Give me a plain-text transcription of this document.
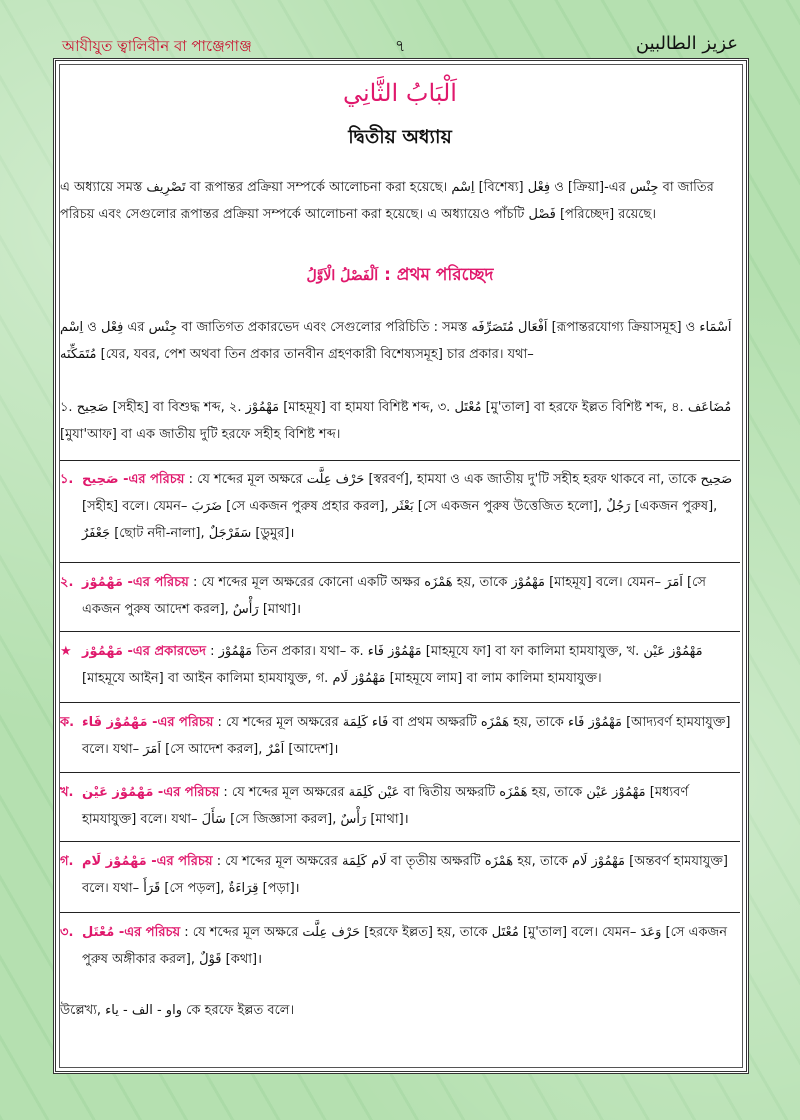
আযীযুত ত্বালিবীন বা পাঞ্জেগাঞ্জ	৭	عزيز الطالبين
اَلْبَابُ الثَّانِي
দ্বিতীয় অধ্যায়
এ অধ্যায়ে সমস্ত تَصْرِيف বা রূপান্তর প্রক্রিয়া সম্পর্কে আলোচনা করা হয়েছে। اِسْم [বিশেষ্য] فِعْل ও [ক্রিয়া]-এর جِنْس বা জাতির পরিচয় এবং সেগুলোর রূপান্তর প্রক্রিয়া সম্পর্কে আলোচনা করা হয়েছে। এ অধ্যায়েও পাঁচটি فَصْل [পরিচ্ছেদ] রয়েছে।
اَلْفَصْلُ الْاَوَّلُ : প্রথম পরিচ্ছেদ
اِسْم ও فِعْل এর جِنْس বা জাতিগত প্রকারভেদ এবং সেগুলোর পরিচিতি : সমস্ত اَفْعَال مُتَصَرِّفَه [রূপান্তরযোগ্য ক্রিয়াসমূহ] ও اَسْمَاء مُتَمَكِّنَه [যের, যবর, পেশ অথবা তিন প্রকার তানবীন গ্রহণকারী বিশেষ্যসমূহ] চার প্রকার। যথা–
১. صَحِيح [সহীহ] বা বিশুদ্ধ শব্দ, ২. مَهْمُوْز [মাহমূয] বা হামযা বিশিষ্ট শব্দ, ৩. مُعْتَل [মু'তাল] বা হরফে ইল্লত বিশিষ্ট শব্দ, ৪. مُضَاعَف [মুযা'আফ] বা এক জাতীয় দুটি হরফে সহীহ বিশিষ্ট শব্দ।
১. صَحِيح -এর পরিচয় : যে শব্দের মূল অক্ষরে حَرْف عِلَّت [স্বরবর্ণ], হামযা ও এক জাতীয় দু'টি সহীহ হরফ থাকবে না, তাকে صَحِيح [সহীহ] বলে। যেমন– ضَرَبَ [সে একজন পুরুষ প্রহার করল], بَعْثَر [সে একজন পুরুষ উত্তেজিত হলো], رَجُلٌ [একজন পুরুষ], جَعْفَرٌ [ছোট নদী-নালা], سَفَرْجَلٌ [ডুমুর]।
২. مَهْمُوْز -এর পরিচয় : যে শব্দের মূল অক্ষরের কোনো একটি অক্ষর هَمْزَه হয়, তাকে مَهْمُوْز [মাহমূয] বলে। যেমন– اَمَرَ [সে একজন পুরুষ আদেশ করল], رَأْسٌ [মাথা]।
★ مَهْمُوْز -এর প্রকারভেদ : مَهْمُوْز তিন প্রকার। যথা– ক. مَهْمُوْز فَاء [মাহমূযে ফা] বা ফা কালিমা হামযাযুক্ত, খ. مَهْمُوْز عَيْن [মাহমূযে আইন] বা আইন কালিমা হামযাযুক্ত, গ. مَهْمُوْز لَام [মাহমূযে লাম] বা লাম কালিমা হামযাযুক্ত।
ক. مَهْمُوْز فَاء -এর পরিচয় : যে শব্দের মূল অক্ষরের فَاء كَلِمَة বা প্রথম অক্ষরটি هَمْزَه হয়, তাকে مَهْمُوْز فَاء [আদ্যবর্ণ হামযাযুক্ত] বলে। যথা– اَمَرَ [সে আদেশ করল], اَمْرٌ [আদেশ]।
খ. مَهْمُوْز عَيْن -এর পরিচয় : যে শব্দের মূল অক্ষরের عَيْن كَلِمَة বা দ্বিতীয় অক্ষরটি هَمْزَه হয়, তাকে مَهْمُوْز عَيْن [মধ্যবর্ণ হামযাযুক্ত] বলে। যথা– سَأَلَ [সে জিজ্ঞাসা করল], رَأْسٌ [মাথা]।
গ. مَهْمُوْز لَام -এর পরিচয় : যে শব্দের মূল অক্ষরের لَام كَلِمَة বা তৃতীয় অক্ষরটি هَمْزَه হয়, তাকে مَهْمُوْز لَام [অন্তবর্ণ হামযাযুক্ত] বলে। যথা– قَرَأَ [সে পড়ল], قِرَاءَةٌ [পড়া]।
৩. مُعْتَل -এর পরিচয় : যে শব্দের মূল অক্ষরে حَرْف عِلَّت [হরফে ইল্লত] হয়, তাকে مُعْتَل [মু'তাল] বলে। যেমন– وَعَدَ [সে একজন পুরুষ অঙ্গীকার করল], قَوْلٌ [কথা]।
উল্লেখ্য, واو - الف - ياء কে হরফে ইল্লত বলে।
